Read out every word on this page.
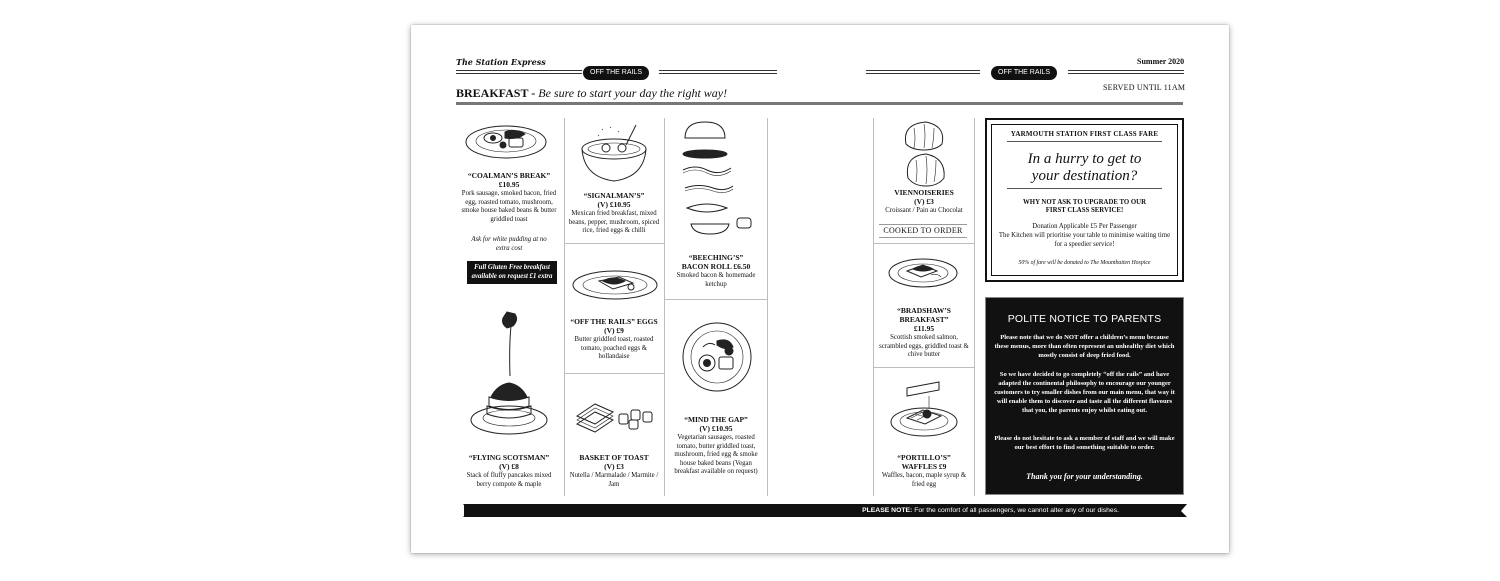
The Station Express
OFF THE RAILS	OFF THE RAILS
Summer 2020
BREAKFAST - Be sure to start your day the right way!	SERVED UNTIL 11AM
“COALMAN’S BREAK”
£10.95
Pork sausage, smoked bacon, fried egg, roasted tomato, mushroom, smoke house baked beans & butter griddled toast
Ask for white pudding at no extra cost
Full Gluten Free breakfast available on request £1 extra
“FLYING SCOTSMAN”
(V) £8
Stack of fluffy pancakes mixed berry compote & maple
“SIGNALMAN’S”
(V) £10.95
Mexican fried breakfast, mixed beans, pepper, mushroom, spiced rice, fried eggs & chilli
“OFF THE RAILS” EGGS
(V) £9
Butter griddled toast, roasted tomato, poached eggs & hollandaise
BASKET OF TOAST
(V) £3
Nutella / Marmalade / Marmite / Jam
“BEECHING’S”
BACON ROLL £6.50
Smoked bacon & homemade ketchup
“MIND THE GAP”
(V) £10.95
Vegetarian sausages, roasted tomato, butter griddled toast, mushroom, fried egg & smoke house baked beans (Vegan breakfast available on request)
VIENNOISERIES
(V) £3
Croissant / Pain au Chocolat
COOKED TO ORDER
“BRADSHAW’S BREAKFAST”
£11.95
Scottish smoked salmon, scrambled eggs, griddled toast & chive butter
“PORTILLO’S”
WAFFLES £9
Waffles, bacon, maple syrup & fried egg
YARMOUTH STATION FIRST CLASS FARE
In a hurry to get to
your destination?
WHY NOT ASK TO UPGRADE TO OUR
FIRST CLASS SERVICE!
Donation Applicable £5 Per Passenger
The Kitchen will prioritise your table to minimise waiting time for a speedier service!
50% of fare will be donated to The Mountbatten Hospice
POLITE NOTICE TO PARENTS
Please note that we do NOT offer a children’s menu because these menus, more than often represent an unhealthy diet which mostly consist of deep fried food.
So we have decided to go completely “off the rails” and have adapted the continental philosophy to encourage our younger customers to try smaller dishes from our main menu, that way it will enable them to discover and taste all the different flavours that you, the parents enjoy whilst eating out.
Please do not hesitate to ask a member of staff and we will make our best effort to find something suitable to order.
Thank you for your understanding.
PLEASE NOTE: For the comfort of all passengers, we cannot alter any of our dishes.
